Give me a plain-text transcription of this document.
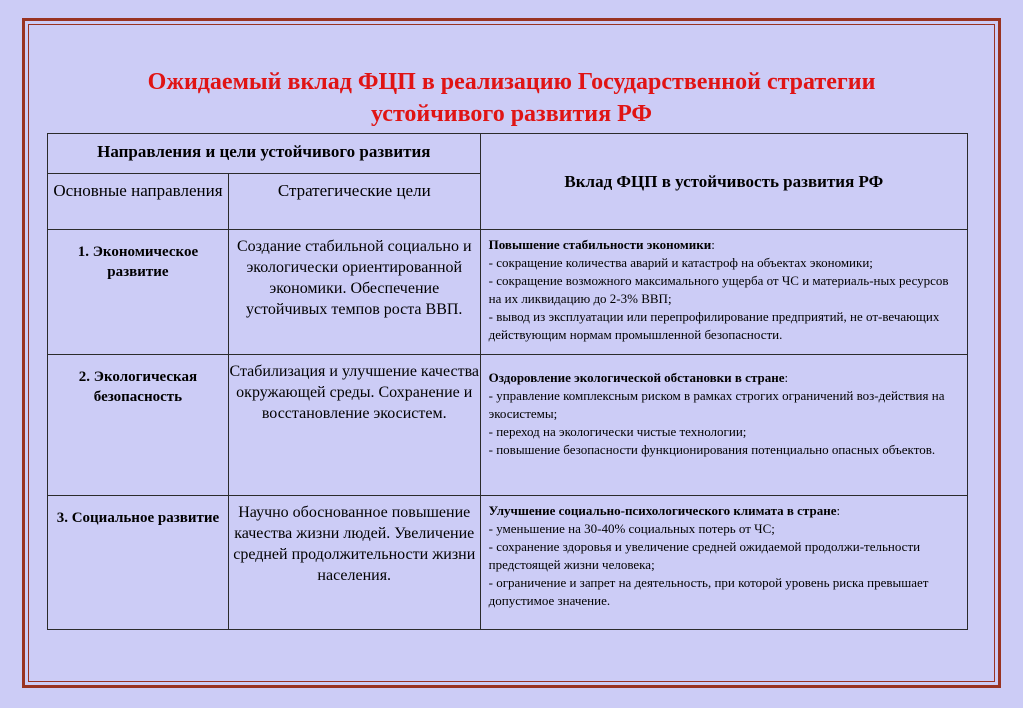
Ожидаемый вклад ФЦП в реализацию Государственной стратегии
устойчивого развития РФ
Направления и цели устойчивого развития		Вклад ФЦП в устойчивость развития РФ
Основные направления	Стратегические цели	
1. Экономическое развитие	Создание стабильной социально и экологически ориентированной экономики. Обеспечение устойчивых темпов роста ВВП.	Повышение стабильности экономики:
- сокращение количества аварий и катастроф на объектах экономики;
- сокращение возможного максимального ущерба от ЧС и материаль-ных ресурсов на их ликвидацию до 2-3% ВВП;
- вывод из эксплуатации или перепрофилирование предприятий, не от-вечающих действующим нормам промышленной безопасности.

2. Экологическая безопасность	Стабилизация и улучшение качества окружающей среды. Сохранение и восстановление экосистем.	Оздоровление экологической обстановки в стране:
- управление комплексным риском в рамках строгих ограничений воз-действия на экосистемы;
- переход на экологически чистые технологии;
- повышение безопасности функционирования потенциально опасных объектов.

3. Социальное развитие	Научно обоснованное повышение качества жизни людей. Увеличение средней продолжительности жизни населения.	Улучшение социально-психологического климата в стране:
- уменьшение на 30-40% социальных потерь от ЧС;
- сохранение здоровья и увеличение средней ожидаемой продолжи-тельности предстоящей жизни человека;
- ограничение и запрет на деятельность, при которой уровень риска превышает допустимое значение.
